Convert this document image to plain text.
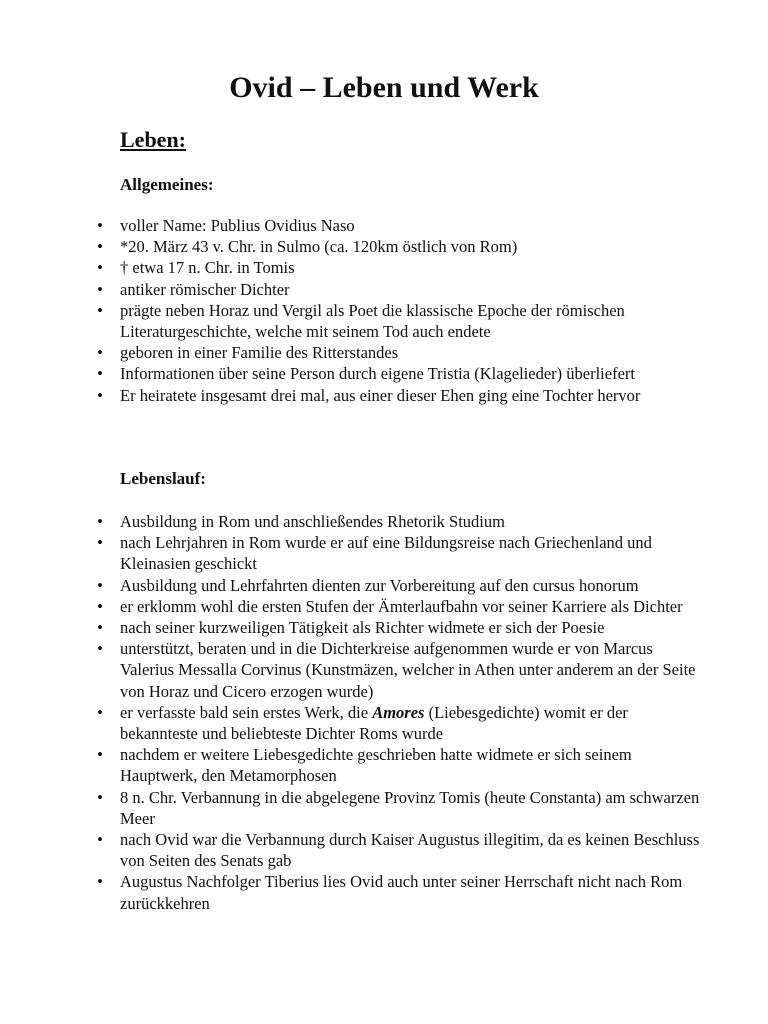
Ovid – Leben und Werk
Leben:
Allgemeines:
• voller Name: Publius Ovidius Naso
• *20. März 43 v. Chr. in Sulmo (ca. 120km östlich von Rom)
• † etwa 17 n. Chr. in Tomis
• antiker römischer Dichter
• prägte neben Horaz und Vergil als Poet die klassische Epoche der römischen Literaturgeschichte, welche mit seinem Tod auch endete
• geboren in einer Familie des Ritterstandes
• Informationen über seine Person durch eigene Tristia (Klagelieder) überliefert
• Er heiratete insgesamt drei mal, aus einer dieser Ehen ging eine Tochter hervor
Lebenslauf:
• Ausbildung in Rom und anschließendes Rhetorik Studium
• nach Lehrjahren in Rom wurde er auf eine Bildungsreise nach Griechenland und Kleinasien geschickt
• Ausbildung und Lehrfahrten dienten zur Vorbereitung auf den cursus honorum
• er erklomm wohl die ersten Stufen der Ämterlaufbahn vor seiner Karriere als Dichter
• nach seiner kurzweiligen Tätigkeit als Richter widmete er sich der Poesie
• unterstützt, beraten und in die Dichterkreise aufgenommen wurde er von Marcus Valerius Messalla Corvinus (Kunstmäzen, welcher in Athen unter anderem an der Seite von Horaz und Cicero erzogen wurde)
• er verfasste bald sein erstes Werk, die Amores (Liebesgedichte) womit er der bekannteste und beliebteste Dichter Roms wurde
• nachdem er weitere Liebesgedichte geschrieben hatte widmete er sich seinem Hauptwerk, den Metamorphosen
• 8 n. Chr. Verbannung in die abgelegene Provinz Tomis (heute Constanta) am schwarzen Meer
• nach Ovid war die Verbannung durch Kaiser Augustus illegitim, da es keinen Beschluss von Seiten des Senats gab
• Augustus Nachfolger Tiberius lies Ovid auch unter seiner Herrschaft nicht nach Rom zurückkehren
